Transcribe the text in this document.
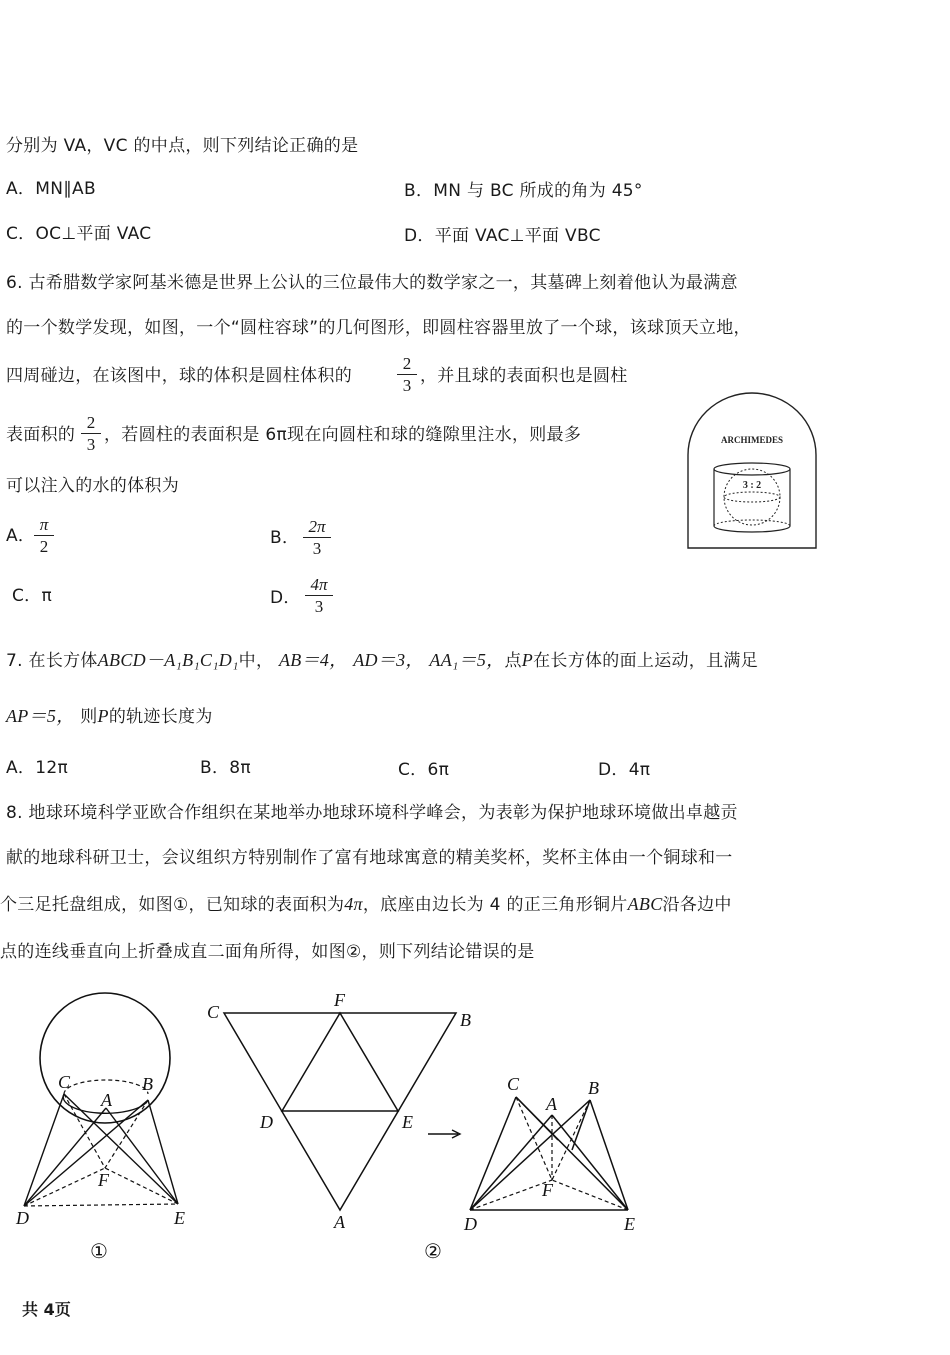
分别为 VA，VC 的中点，则下列结论正确的是
A．MN∥AB	B．MN 与 BC 所成的角为 45°
C．OC⊥平面 VAC	D．平面 VAC⊥平面 VBC
6. 古希腊数学家阿基米德是世界上公认的三位最伟大的数学家之一，其墓碑上刻着他认为最满意
的一个数学发现，如图，一个“圆柱容球”的几何图形，即圆柱容器里放了一个球，该球顶天立地，
四周碰边，在该图中，球的体积是圆柱体积的
2
3 ，并且球的表面积也是圆柱
表面积的
2
3 ，若圆柱的表面积是 6π现在向圆柱和球的缝隙里注水，则最多
可以注入的水的体积为
A．
π
2	B．
2π
3
C．π	D．
4π
3
ARCHIMEDES
3 : 2
7. 在长方体ABCD－A₁B₁C₁D₁中， AB＝4， AD＝3， AA₁＝5，点P在长方体的面上运动，且满足
AP＝5， 则P的轨迹长度为
A．12π	B．8π	C．6π	D．4π
8. 地球环境科学亚欧合作组织在某地举办地球环境科学峰会，为表彰为保护地球环境做出卓越贡
献的地球科研卫士，会议组织方特别制作了富有地球寓意的精美奖杯，奖杯主体由一个铜球和一
个三足托盘组成，如图①，已知球的表面积为4π，底座由边长为 4 的正三角形铜片ABC沿各边中
点的连线垂直向上折叠成直二面角所得，如图②，则下列结论错误的是
C	B
A
F
D	E
①
C	B
F
D	E
A
②
C	B
A
F
D	E
共 4页
